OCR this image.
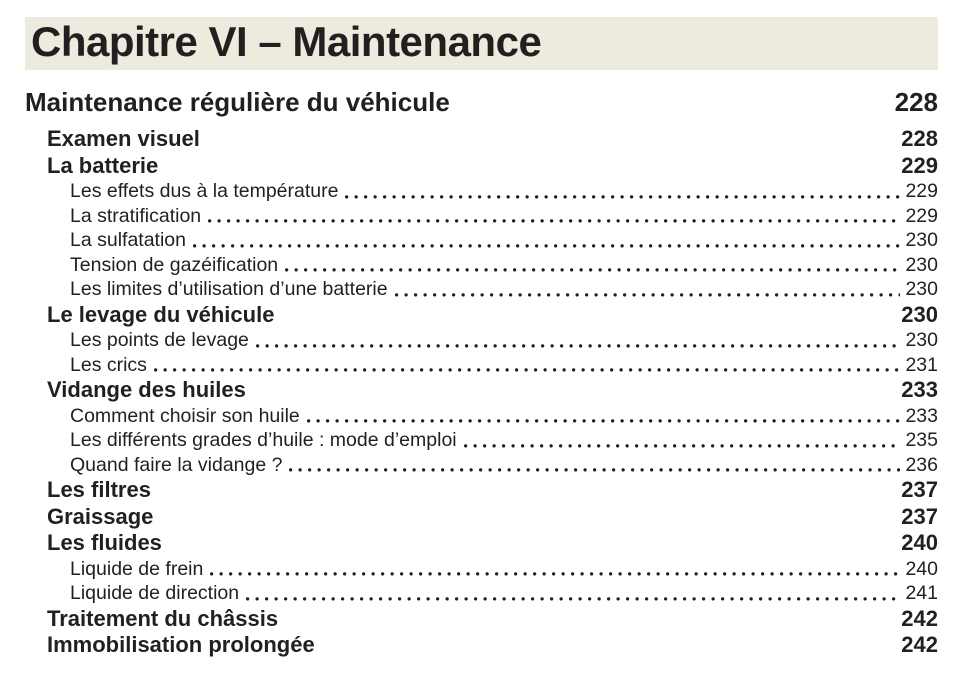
Chapitre VI – Maintenance
Maintenance régulière du véhicule	228
Examen visuel	228
La batterie	229
Les effets dus à la température	229
La stratification	229
La sulfatation	230
Tension de gazéification	230
Les limites d’utilisation d’une batterie	230
Le levage du véhicule	230
Les points de levage	230
Les crics	231
Vidange des huiles	233
Comment choisir son huile	233
Les différents grades d’huile : mode d’emploi	235
Quand faire la vidange ?	236
Les filtres	237
Graissage	237
Les fluides	240
Liquide de frein	240
Liquide de direction	241
Traitement du châssis	242
Immobilisation prolongée	242
